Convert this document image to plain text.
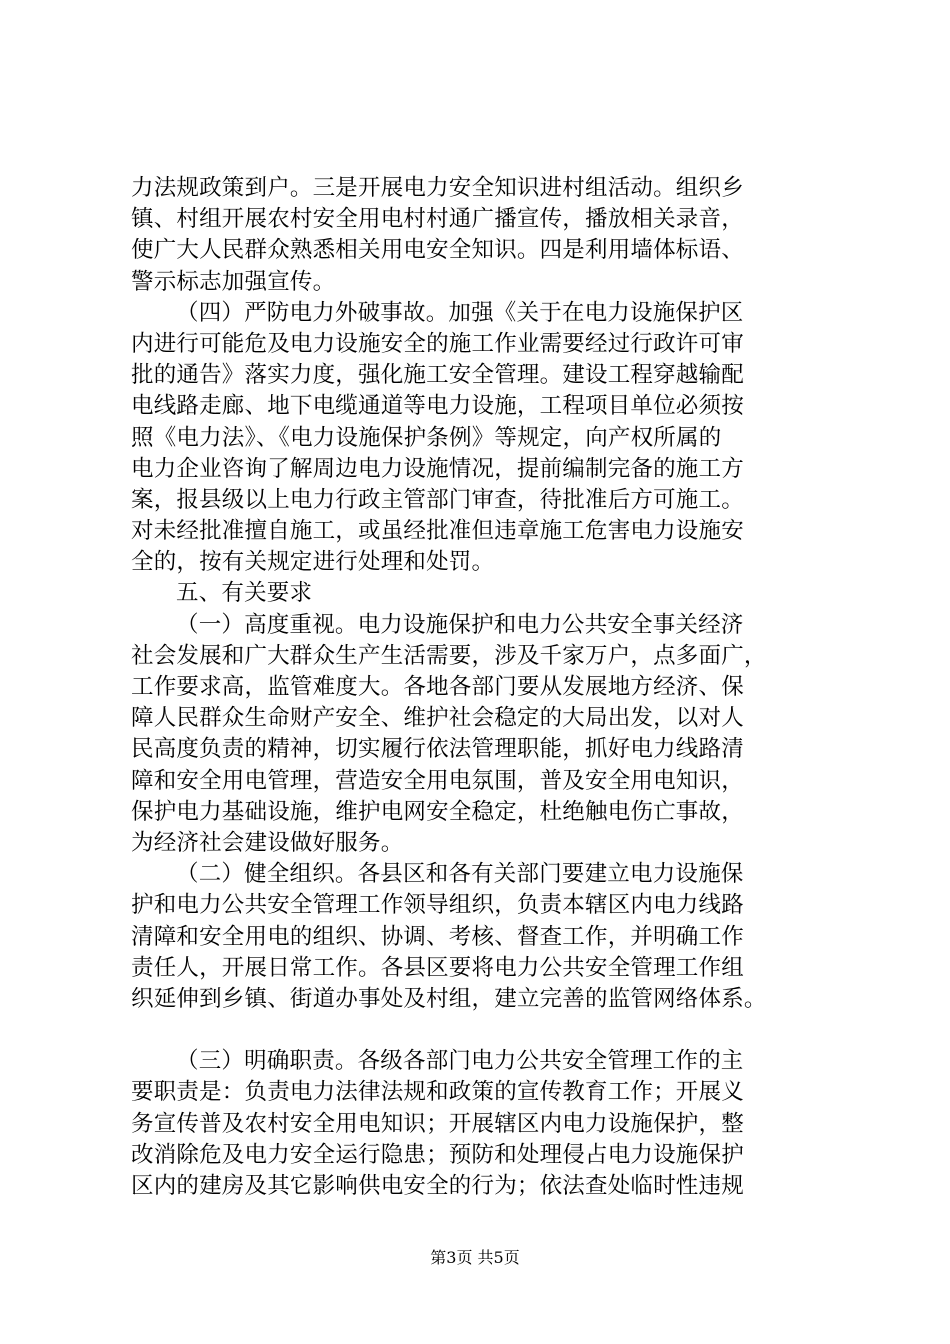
力法规政策到户。三是开展电力安全知识进村组活动。组织乡
镇、村组开展农村安全用电村村通广播宣传，播放相关录音，
使广大人民群众熟悉相关用电安全知识。四是利用墙体标语、
警示标志加强宣传。
（四）严防电力外破事故。加强《关于在电力设施保护区
内进行可能危及电力设施安全的施工作业需要经过行政许可审
批的通告》落实力度，强化施工安全管理。建设工程穿越输配
电线路走廊、地下电缆通道等电力设施，工程项目单位必须按
照《电力法》、《电力设施保护条例》等规定，向产权所属的
电力企业咨询了解周边电力设施情况，提前编制完备的施工方
案，报县级以上电力行政主管部门审查，待批准后方可施工。
对未经批准擅自施工，或虽经批准但违章施工危害电力设施安
全的，按有关规定进行处理和处罚。
五、有关要求
（一）高度重视。电力设施保护和电力公共安全事关经济
社会发展和广大群众生产生活需要，涉及千家万户，点多面广，
工作要求高，监管难度大。各地各部门要从发展地方经济、保
障人民群众生命财产安全、维护社会稳定的大局出发，以对人
民高度负责的精神，切实履行依法管理职能，抓好电力线路清
障和安全用电管理，营造安全用电氛围，普及安全用电知识，
保护电力基础设施，维护电网安全稳定，杜绝触电伤亡事故，
为经济社会建设做好服务。
（二）健全组织。各县区和各有关部门要建立电力设施保
护和电力公共安全管理工作领导组织，负责本辖区内电力线路
清障和安全用电的组织、协调、考核、督查工作，并明确工作
责任人，开展日常工作。各县区要将电力公共安全管理工作组
织延伸到乡镇、街道办事处及村组，建立完善的监管网络体系。
（三）明确职责。各级各部门电力公共安全管理工作的主
要职责是：负责电力法律法规和政策的宣传教育工作；开展义
务宣传普及农村安全用电知识；开展辖区内电力设施保护，整
改消除危及电力安全运行隐患；预防和处理侵占电力设施保护
区内的建房及其它影响供电安全的行为；依法查处临时性违规
第3页 共5页
